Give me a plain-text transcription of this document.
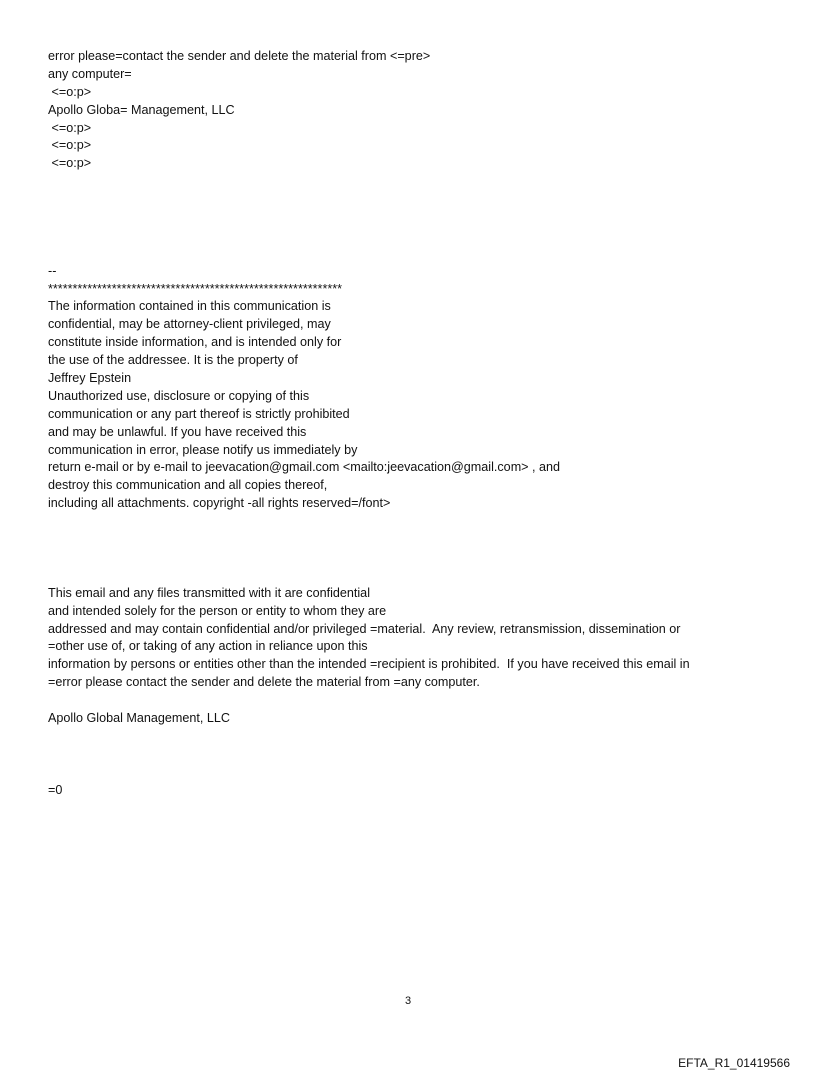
error please=contact the sender and delete the material from <=pre>
any computer=
<=o:p>
Apollo Globa= Management, LLC
<=o:p>
<=o:p>
<=o:p>
--
************************************************************
The information contained in this communication is
confidential, may be attorney-client privileged, may
constitute inside information, and is intended only for
the use of the addressee. It is the property of
Jeffrey Epstein
Unauthorized use, disclosure or copying of this
communication or any part thereof is strictly prohibited
and may be unlawful. If you have received this
communication in error, please notify us immediately by
return e-mail or by e-mail to jeevacation@gmail.com <mailto:jeevacation@gmail.com> , and
destroy this communication and all copies thereof,
including all attachments. copyright -all rights reserved=/font>
This email and any files transmitted with it are confidential
and intended solely for the person or entity to whom they are
addressed and may contain confidential and/or privileged =material.  Any review, retransmission, dissemination or
=other use of, or taking of any action in reliance upon this
information by persons or entities other than the intended =recipient is prohibited.  If you have received this email in
=error please contact the sender and delete the material from =any computer.
Apollo Global Management, LLC
=0
3
EFTA_R1_01419566
